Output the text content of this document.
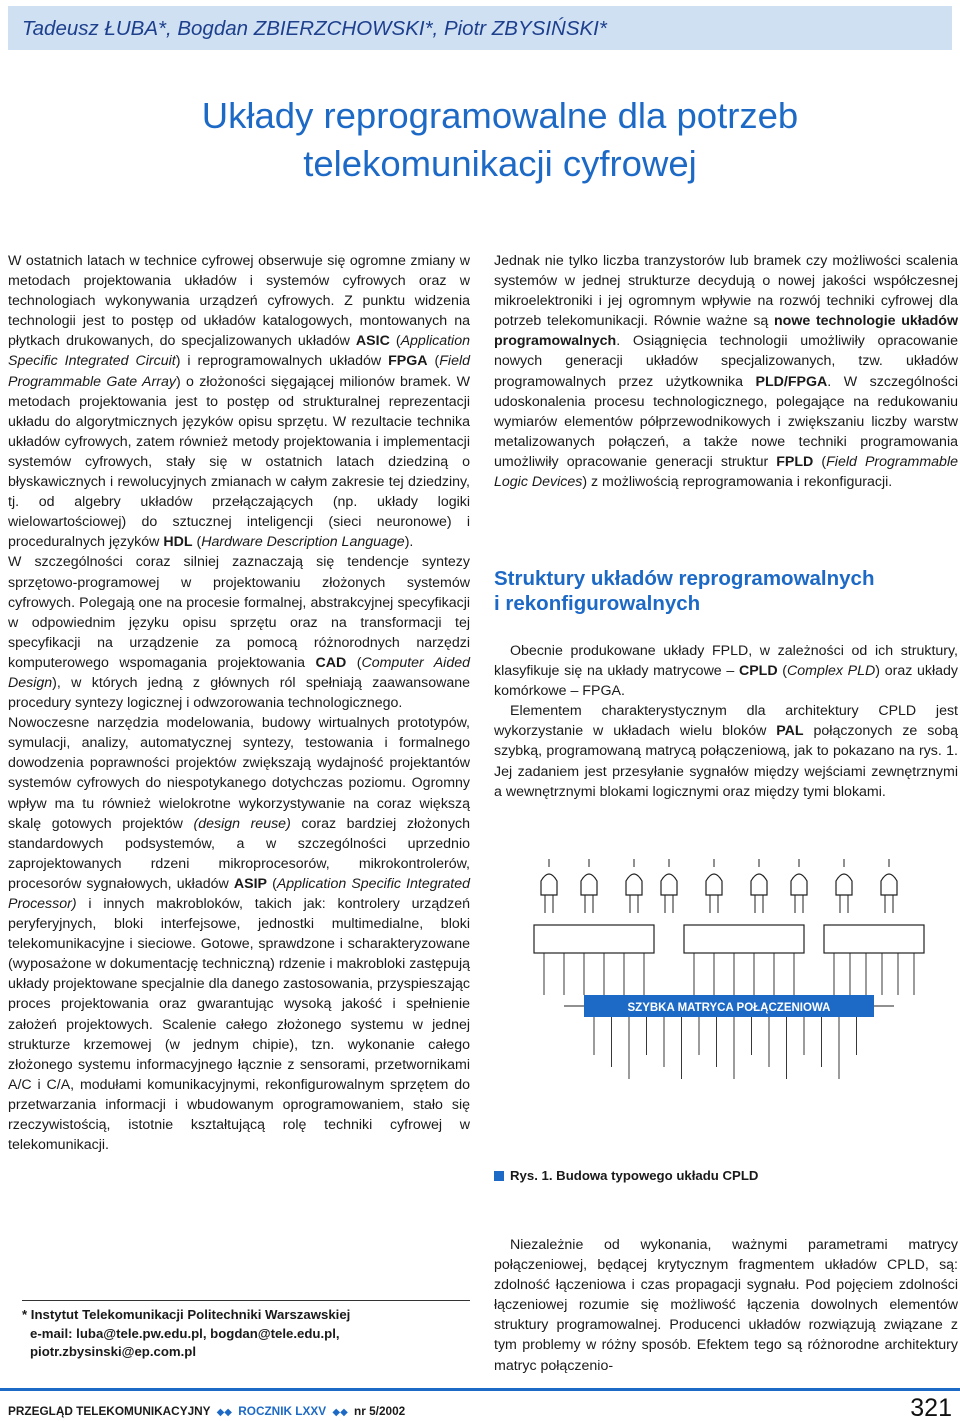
Tadeusz ŁUBA*, Bogdan ZBIERZCHOWSKI*, Piotr ZBYSIŃSKI*
Układy reprogramowalne dla potrzeb
telekomunikacji cyfrowej

W ostatnich latach w technice cyfrowej obserwuje się ogromne zmiany w metodach projektowania układów i systemów cyfrowych oraz w technologiach wykonywania urządzeń cyfrowych. Z punktu widzenia technologii jest to postęp od układów katalogowych, montowanych na płytkach drukowanych, do specjalizowanych układów ASIC (Application Specific Integrated Circuit) i reprogramowalnych układów FPGA (Field Programmable Gate Array) o złożoności sięgającej milionów bramek. W metodach projektowania jest to postęp od strukturalnej reprezentacji układu do algorytmicznych języków opisu sprzętu. W rezultacie technika układów cyfrowych, zatem również metody projektowania i implementacji systemów cyfrowych, stały się w ostatnich latach dziedziną o błyskawicznych i rewolucyjnych zmianach w całym zakresie tej dziedziny, tj. od algebry układów przełączających (np. układy logiki wielowartościowej) do sztucznej inteligencji (sieci neuronowe) i proceduralnych języków HDL (Hardware Description Language).

W szczególności coraz silniej zaznaczają się tendencje syntezy sprzętowo-programowej w projektowaniu złożonych systemów cyfrowych. Polegają one na procesie formalnej, abstrakcyjnej specyfikacji w odpowiednim języku opisu sprzętu oraz na transformacji tej specyfikacji na urządzenie za pomocą różnorodnych narzędzi komputerowego wspomagania projektowania CAD (Computer Aided Design), w których jedną z głównych ról spełniają zaawansowane procedury syntezy logicznej i odwzorowania technologicznego.

Nowoczesne narzędzia modelowania, budowy wirtualnych prototypów, symulacji, analizy, automatycznej syntezy, testowania i formalnego dowodzenia poprawności projektów zwiększają wydajność projektantów systemów cyfrowych do niespotykanego dotychczas poziomu. Ogromny wpływ ma tu również wielokrotne wykorzystywanie na coraz większą skalę gotowych projektów (design reuse) coraz bardziej złożonych standardowych podsystemów, a w szczególności uprzednio zaprojektowanych rdzeni mikroprocesorów, mikrokontrolerów, procesorów sygnałowych, układów ASIP (Application Specific Integrated Processor) i innych makrobloków, takich jak: kontrolery urządzeń peryferyjnych, bloki interfejsowe, jednostki multimedialne, bloki telekomunikacyjne i sieciowe. Gotowe, sprawdzone i scharakteryzowane (wyposażone w dokumentację techniczną) rdzenie i makrobloki zastępują układy projektowane specjalnie dla danego zastosowania, przyspieszając proces projektowania oraz gwarantując wysoką jakość i spełnienie założeń projektowych. Scalenie całego złożonego systemu w jednej strukturze krzemowej (w jednym chipie), tzn. wykonanie całego złożonego systemu informacyjnego łącznie z sensorami, przetwornikami A/C i C/A, modułami komunikacyjnymi, rekonfigurowalnym sprzętem do przetwarzania informacji i wbudowanym oprogramowaniem, stało się rzeczywistością, istotnie kształtującą rolę techniki cyfrowej w telekomunikacji.

* Instytut Telekomunikacji Politechniki Warszawskiej
e-mail: luba@tele.pw.edu.pl, bogdan@tele.edu.pl,
piotr.zbysinski@ep.com.pl

Jednak nie tylko liczba tranzystorów lub bramek czy możliwości scalenia systemów w jednej strukturze decydują o nowej jakości współczesnej mikroelektroniki i jej ogromnym wpływie na rozwój techniki cyfrowej dla potrzeb telekomunikacji. Równie ważne są nowe technologie układów programowalnych. Osiągnięcia technologii umożliwiły opracowanie nowych generacji układów specjalizowanych, tzw. układów programowalnych przez użytkownika PLD/FPGA. W szczególności udoskonalenia procesu technologicznego, polegające na redukowaniu wymiarów elementów półprzewodnikowych i zwiększaniu liczby warstw metalizowanych połączeń, a także nowe techniki programowania umożliwiły opracowanie generacji struktur FPLD (Field Programmable Logic Devices) z możliwością reprogramowania i rekonfiguracji.

Struktury układów reprogramowalnych
i rekonfigurowalnych

Obecnie produkowane układy FPLD, w zależności od ich struktury, klasyfikuje się na układy matrycowe – CPLD (Complex PLD) oraz układy komórkowe – FPGA.

Elementem charakterystycznym dla architektury CPLD jest wykorzystanie w układach wielu bloków PAL połączonych ze sobą szybką, programowaną matrycą połączeniową, jak to pokazano na rys. 1. Jej zadaniem jest przesyłanie sygnałów między wejściami zewnętrznymi a wewnętrznymi blokami logicznymi oraz między tymi blokami.

SZYBKA MATRYCA POŁĄCZENIOWA
Rys. 1. Budowa typowego układu CPLD

Niezależnie od wykonania, ważnymi parametrami matrycy połączeniowej, będącej krytycznym fragmentem układów CPLD, są: zdolność łączeniowa i czas propagacji sygnału. Pod pojęciem zdolności łączeniowej rozumie się możliwość łączenia dowolnych elementów struktury programowalnej. Producenci układów rozwiązują związane z tym problemy w różny sposób. Efektem tego są różnorodne architektury matryc połączenio-

PRZEGLĄD TELEKOMUNIKACYJNY ◆◆ ROCZNIK LXXV ◆◆ nr 5/2002	321
